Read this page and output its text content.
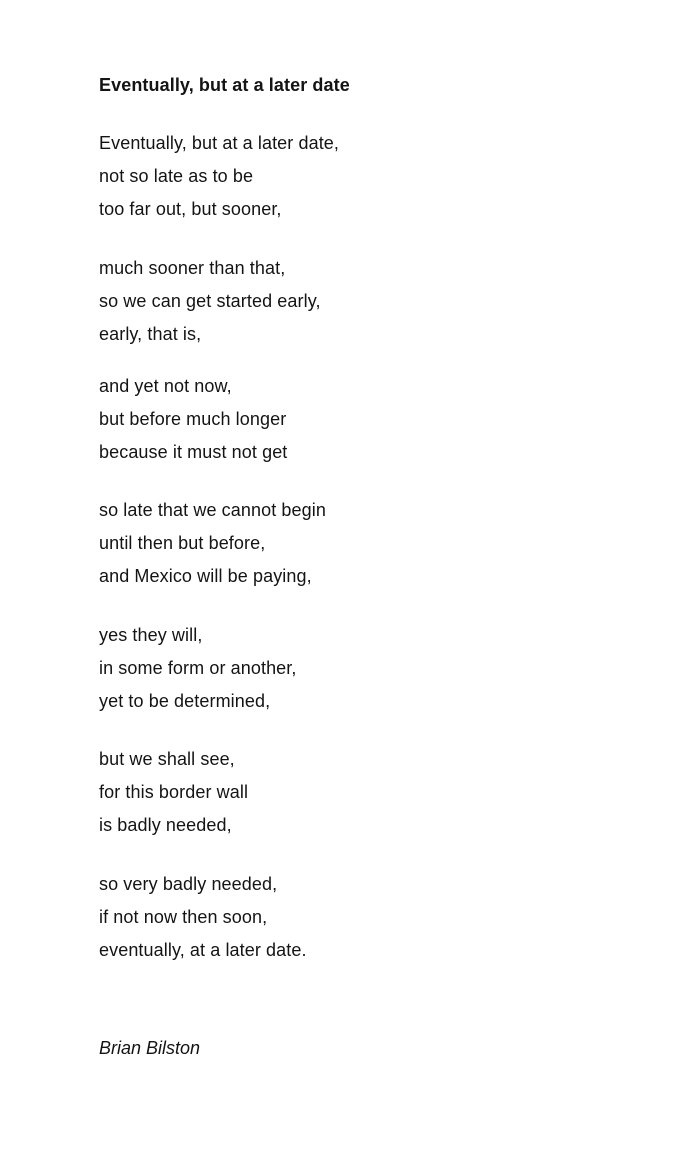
Eventually, but at a later date
Eventually, but at a later date,
not so late as to be
too far out, but sooner,
much sooner than that,
so we can get started early,
early, that is,
and yet not now,
but before much longer
because it must not get
so late that we cannot begin
until then but before,
and Mexico will be paying,
yes they will,
in some form or another,
yet to be determined,
but we shall see,
for this border wall
is badly needed,
so very badly needed,
if not now then soon,
eventually, at a later date.

Brian Bilston
